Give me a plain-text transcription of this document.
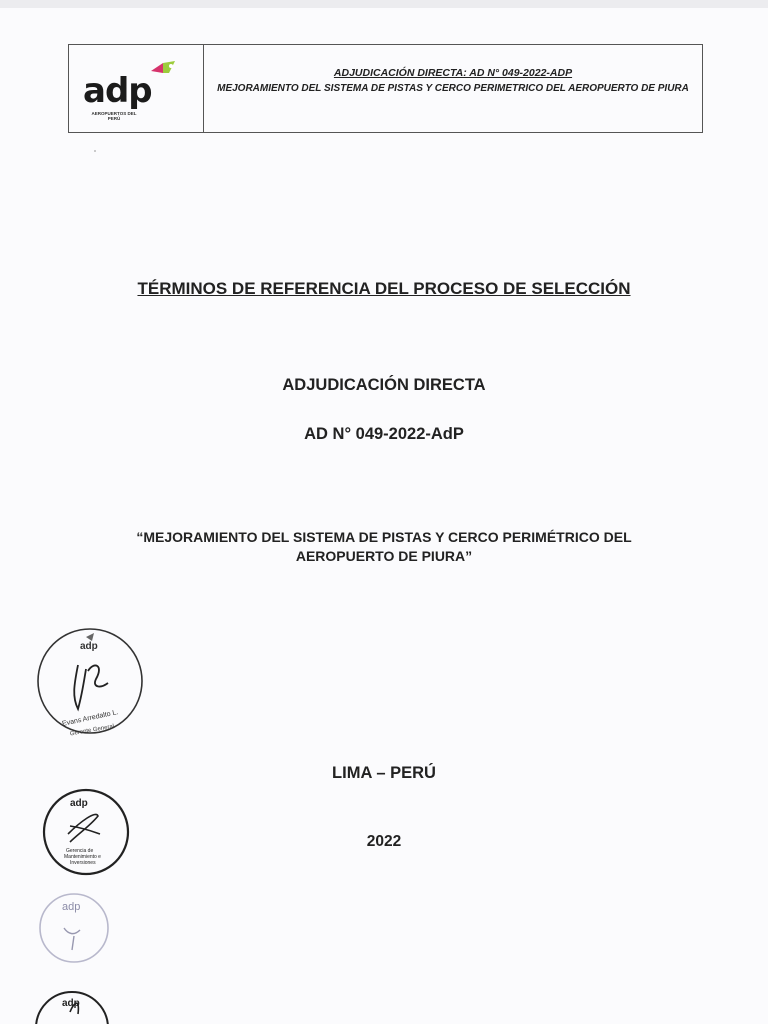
adp
AEROPUERTOS DEL PERÚ
ADJUDICACIÓN DIRECTA: AD N° 049-2022-ADP
MEJORAMIENTO DEL SISTEMA DE PISTAS Y CERCO PERIMETRICO DEL AEROPUERTO DE PIURA
TÉRMINOS DE REFERENCIA DEL PROCESO DE SELECCIÓN
ADJUDICACIÓN DIRECTA
AD N° 049-2022-AdP
“MEJORAMIENTO DEL SISTEMA DE PISTAS Y CERCO PERIMÉTRICO DEL AEROPUERTO DE PIURA”
LIMA – PERÚ
2022
adp
Evans Arredalto L.
Gerente General
adp
Gerencia de
Mantenimiento e
Inversiones
adp
adp
